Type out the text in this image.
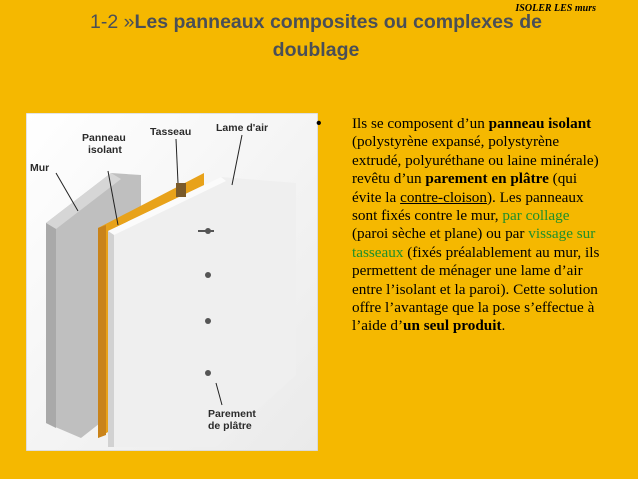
ISOLER LES murs
1-2 »Les panneaux composites ou complexes de doublage
Mur
Panneau
isolant
Tasseau Lame d'air
Parement
de plâtre
•	Ils se composent d’un panneau isolant (polystyrène expansé, polystyrène extrudé, polyuréthane ou laine minérale) revêtu d’un parement en plâtre (qui évite la contre-cloison). Les panneaux sont fixés contre le mur, par collage (paroi sèche et plane) ou par vissage sur tasseaux (fixés préalablement au mur, ils permettent de ménager une lame d’air entre l’isolant et la paroi). Cette solution offre l’avantage que la pose s’effectue à l’aide d’un seul produit.
